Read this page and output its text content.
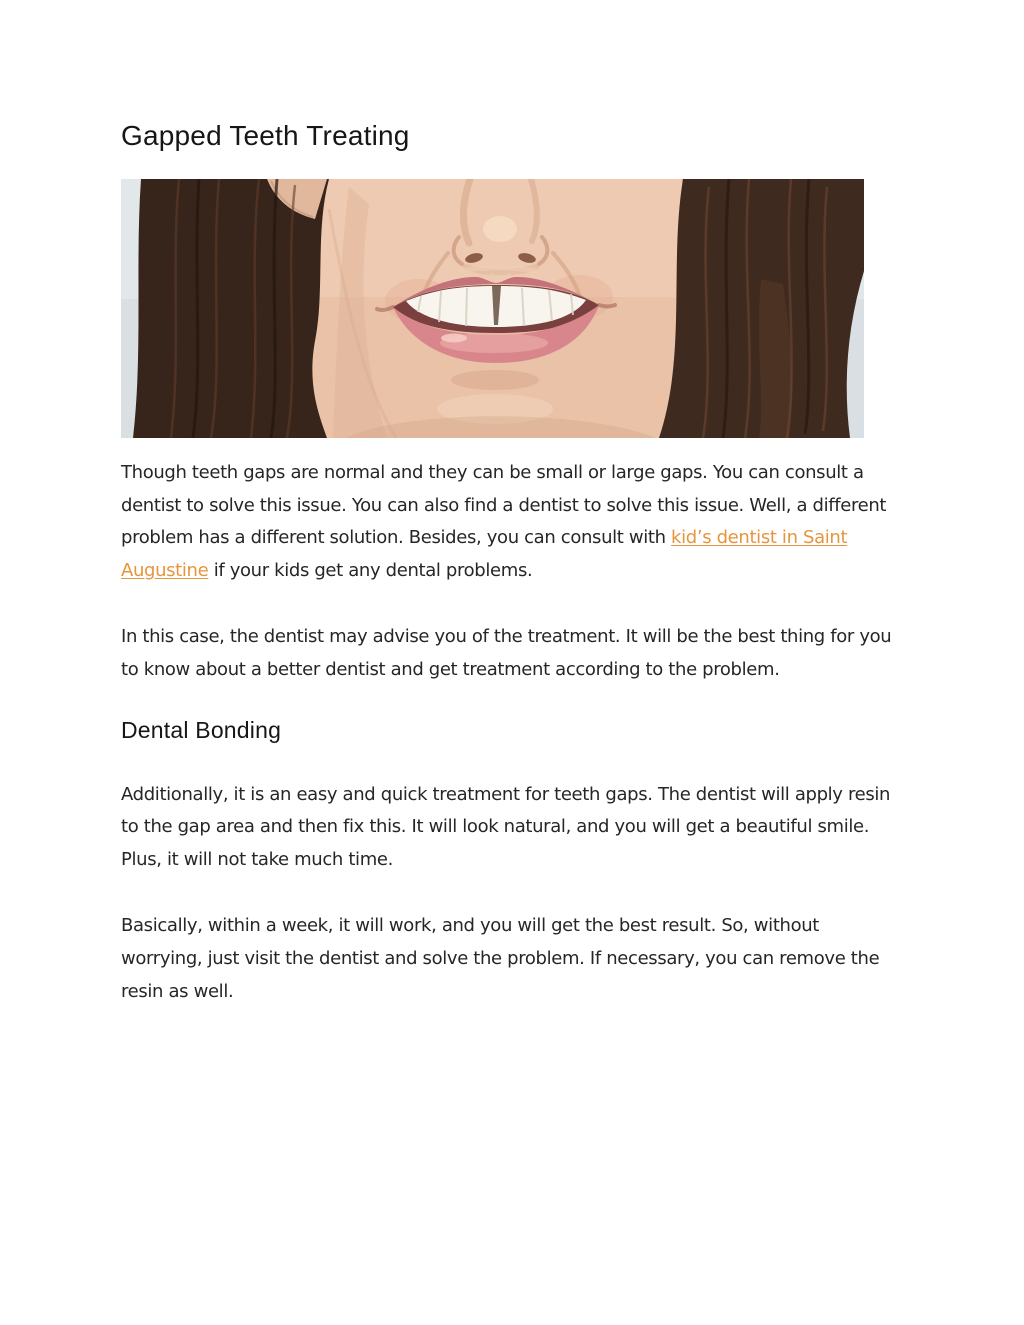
Gapped Teeth Treating

Though teeth gaps are normal and they can be small or large gaps. You can consult a dentist to solve this issue. You can also find a dentist to solve this issue. Well, a different problem has a different solution. Besides, you can consult with kid’s dentist in Saint Augustine if your kids get any dental problems.

In this case, the dentist may advise you of the treatment. It will be the best thing for you to know about a better dentist and get treatment according to the problem.

Dental Bonding

Additionally, it is an easy and quick treatment for teeth gaps. The dentist will apply resin to the gap area and then fix this. It will look natural, and you will get a beautiful smile. Plus, it will not take much time.

Basically, within a week, it will work, and you will get the best result. So, without worrying, just visit the dentist and solve the problem. If necessary, you can remove the resin as well.
